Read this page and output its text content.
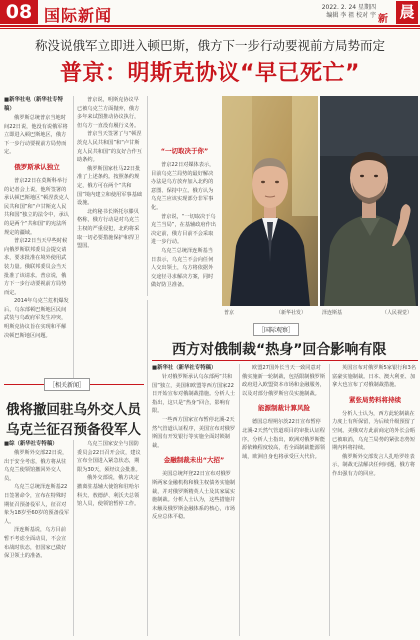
08 国际新闻	2022. 2. 24 星期四
编辑 李 祖 校对 宇 新 晨
称没说俄军立即进入顿巴斯，俄方下一步行动要视前方局势而定
普京：明斯克协议“早已死亡”
■新华社电（新华社专特稿）

俄罗斯总统普京当地时间22日说，他没有说俄军将立即进入顿巴斯地区，俄方下一步行动要视前方局势而定。

俄罗斯承认独立

普京22日在莫斯科举行的记者会上说，他所签署的承认顿巴斯地区“顿涅茨克人民共和国”和“卢甘斯克人民共和国”独立的法令中，承认的是两个“共和国”的宪法所规定的疆域。

普京22日当天早些时候向俄罗斯联邦委员会提交请求，要求批准在境外使用武装力量。俄联邦委员会当天批准了该请求。普京说，俄方下一步行动要视前方局势而定。

2014年乌克兰危机爆发后，乌东部顿巴斯地区民间武装与乌政府军发生冲突，明斯克协议旨在实现和平解决顿巴斯地区问题。

普京说，明斯克协议早已被乌克兰方面抛弃，俄方多年来试图推动协议执行，但乌方一直没有履行义务。

普京当天签署了与“顿涅茨克人民共和国”和“卢甘斯克人民共和国”的友好合作互助条约。

俄罗斯国家杜马22日批准了上述条约。按照条约规定，俄方可在两个“共和国”境内建立和使用军事基础设施。

北约秘书长斯托尔滕贝格称，俄方行动是对乌克兰主权的严重侵犯，北约将采取一切必要措施保护和捍卫盟国。

“一切取决于你”

普京22日对媒体表示，目前乌克兰局势的最好解决办法是乌方放弃加入北约的意图、保持中立。俄方认为乌克兰应该实现部分非军事化。

普京说，“一切取决于乌克兰当局”，在基辅政府作出决定前，俄方目前不会采取进一步行动。

乌克兰总统泽连斯基当日表示，乌克兰不会向任何人交出领土，乌方将依据外交途径寻求解决方案，同时做好防卫准备。

普京	（新华社发）	泽连斯基	（人民视觉）
［相关新闻］
俄将撤回驻乌外交人员
乌克兰征召预备役军人
■综（新华社专特稿）

俄罗斯外交部22日说，出于安全考虑，俄方将从驻乌克兰使领馆撤回外交人员。

乌克兰总统泽连斯基22日签署命令，宣布在特殊时期征召预备役军人，征召对象为18岁至60岁的预备役军人。

泽连斯基说，乌方目前暂不考虑全面动员，不会宣布战时状态，但国家已做好保卫领土的准备。

乌克兰国家安全与国防委员会22日召开会议，建议宣布全国进入紧急状态，期限为30天，须经议会批准。

俄外交部说，俄方决定撤离驻基辅大使馆和驻哈尔科夫、敖德萨、利沃夫总领馆人员，使领馆暂停工作。

［国际观察］
西方对俄制裁“热身”回合影响有限
■新华社（新华社专特稿）

针对俄罗斯承认乌东部两“共和国”独立，美国和欧盟等西方国家22日开始宣布对俄制裁措施。分析人士指出，这只是“热身”回合，影响有限。

一些西方国家宣布暂停北溪-2天然气管道认证程序，美国宣布对俄罗斯国有开发银行等实施全面封锁制裁。

金融制裁未出“大招”

美国总统拜登22日宣布对俄罗斯两家金融机构和俄主权债务实施制裁，并对俄罗斯精英人士及其家属实施制裁。分析人士认为，这些措施并未触及俄罗斯金融体系的核心，市场反应总体平稳。

欧盟27国外长当天一致同意对俄实施新一轮制裁，包括限制俄罗斯政府进入欧盟资本市场和金融服务，以及对部分俄罗斯官员实施制裁。

能源制裁计算风险

德国总理朔尔茨22日宣布暂停北溪-2天然气管道项目的审批认证程序。分析人士指出，欧洲对俄罗斯能源依赖程度较高，若全面制裁能源领域，欧洲自身也将承受巨大代价。

英国宣布对俄罗斯5家银行和3名富豪实施制裁。日本、澳大利亚、加拿大也宣布了对俄制裁措施。

紧张局势料将持续

分析人士认为，西方此轮制裁在力度上有所保留，为后续升级预留了空间。美俄双方此前商定的外长会晤已被取消，乌克兰局势的紧张态势短期内料将持续。

俄罗斯外交部发言人扎哈罗娃表示，制裁无法解决任何问题，俄方将作出强有力的回应。
